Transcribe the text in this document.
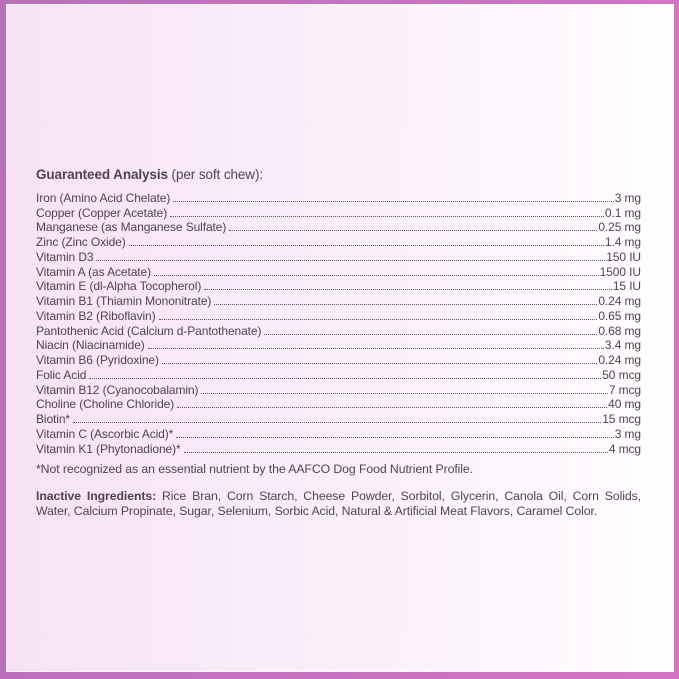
Guaranteed Analysis (per soft chew):

Iron (Amino Acid Chelate)	3 mg
Copper (Copper Acetate)	0.1 mg
Manganese (as Manganese Sulfate)	0.25 mg
Zinc (Zinc Oxide)	1.4 mg
Vitamin D3	150 IU
Vitamin A (as Acetate)	1500 IU
Vitamin E (dl-Alpha Tocopherol)	15 IU
Vitamin B1 (Thiamin Mononitrate)	0.24 mg
Vitamin B2 (Riboflavin)	0.65 mg
Pantothenic Acid (Calcium d-Pantothenate)	0.68 mg
Niacin (Niacinamide)	3.4 mg
Vitamin B6 (Pyridoxine)	0.24 mg
Folic Acid	50 mcg
Vitamin B12 (Cyanocobalamin)	7 mcg
Choline (Choline Chloride)	40 mg
Biotin*	15 mcg
Vitamin C (Ascorbic Acid)*	3 mg
Vitamin K1 (Phytonadione)*	4 mcg

*Not recognized as an essential nutrient by the AAFCO Dog Food Nutrient Profile.

Inactive Ingredients: Rice Bran, Corn Starch, Cheese Powder, Sorbitol, Glycerin, Canola Oil, Corn Solids, Water, Calcium Propinate, Sugar, Selenium, Sorbic Acid, Natural & Artificial Meat Flavors, Caramel Color.
